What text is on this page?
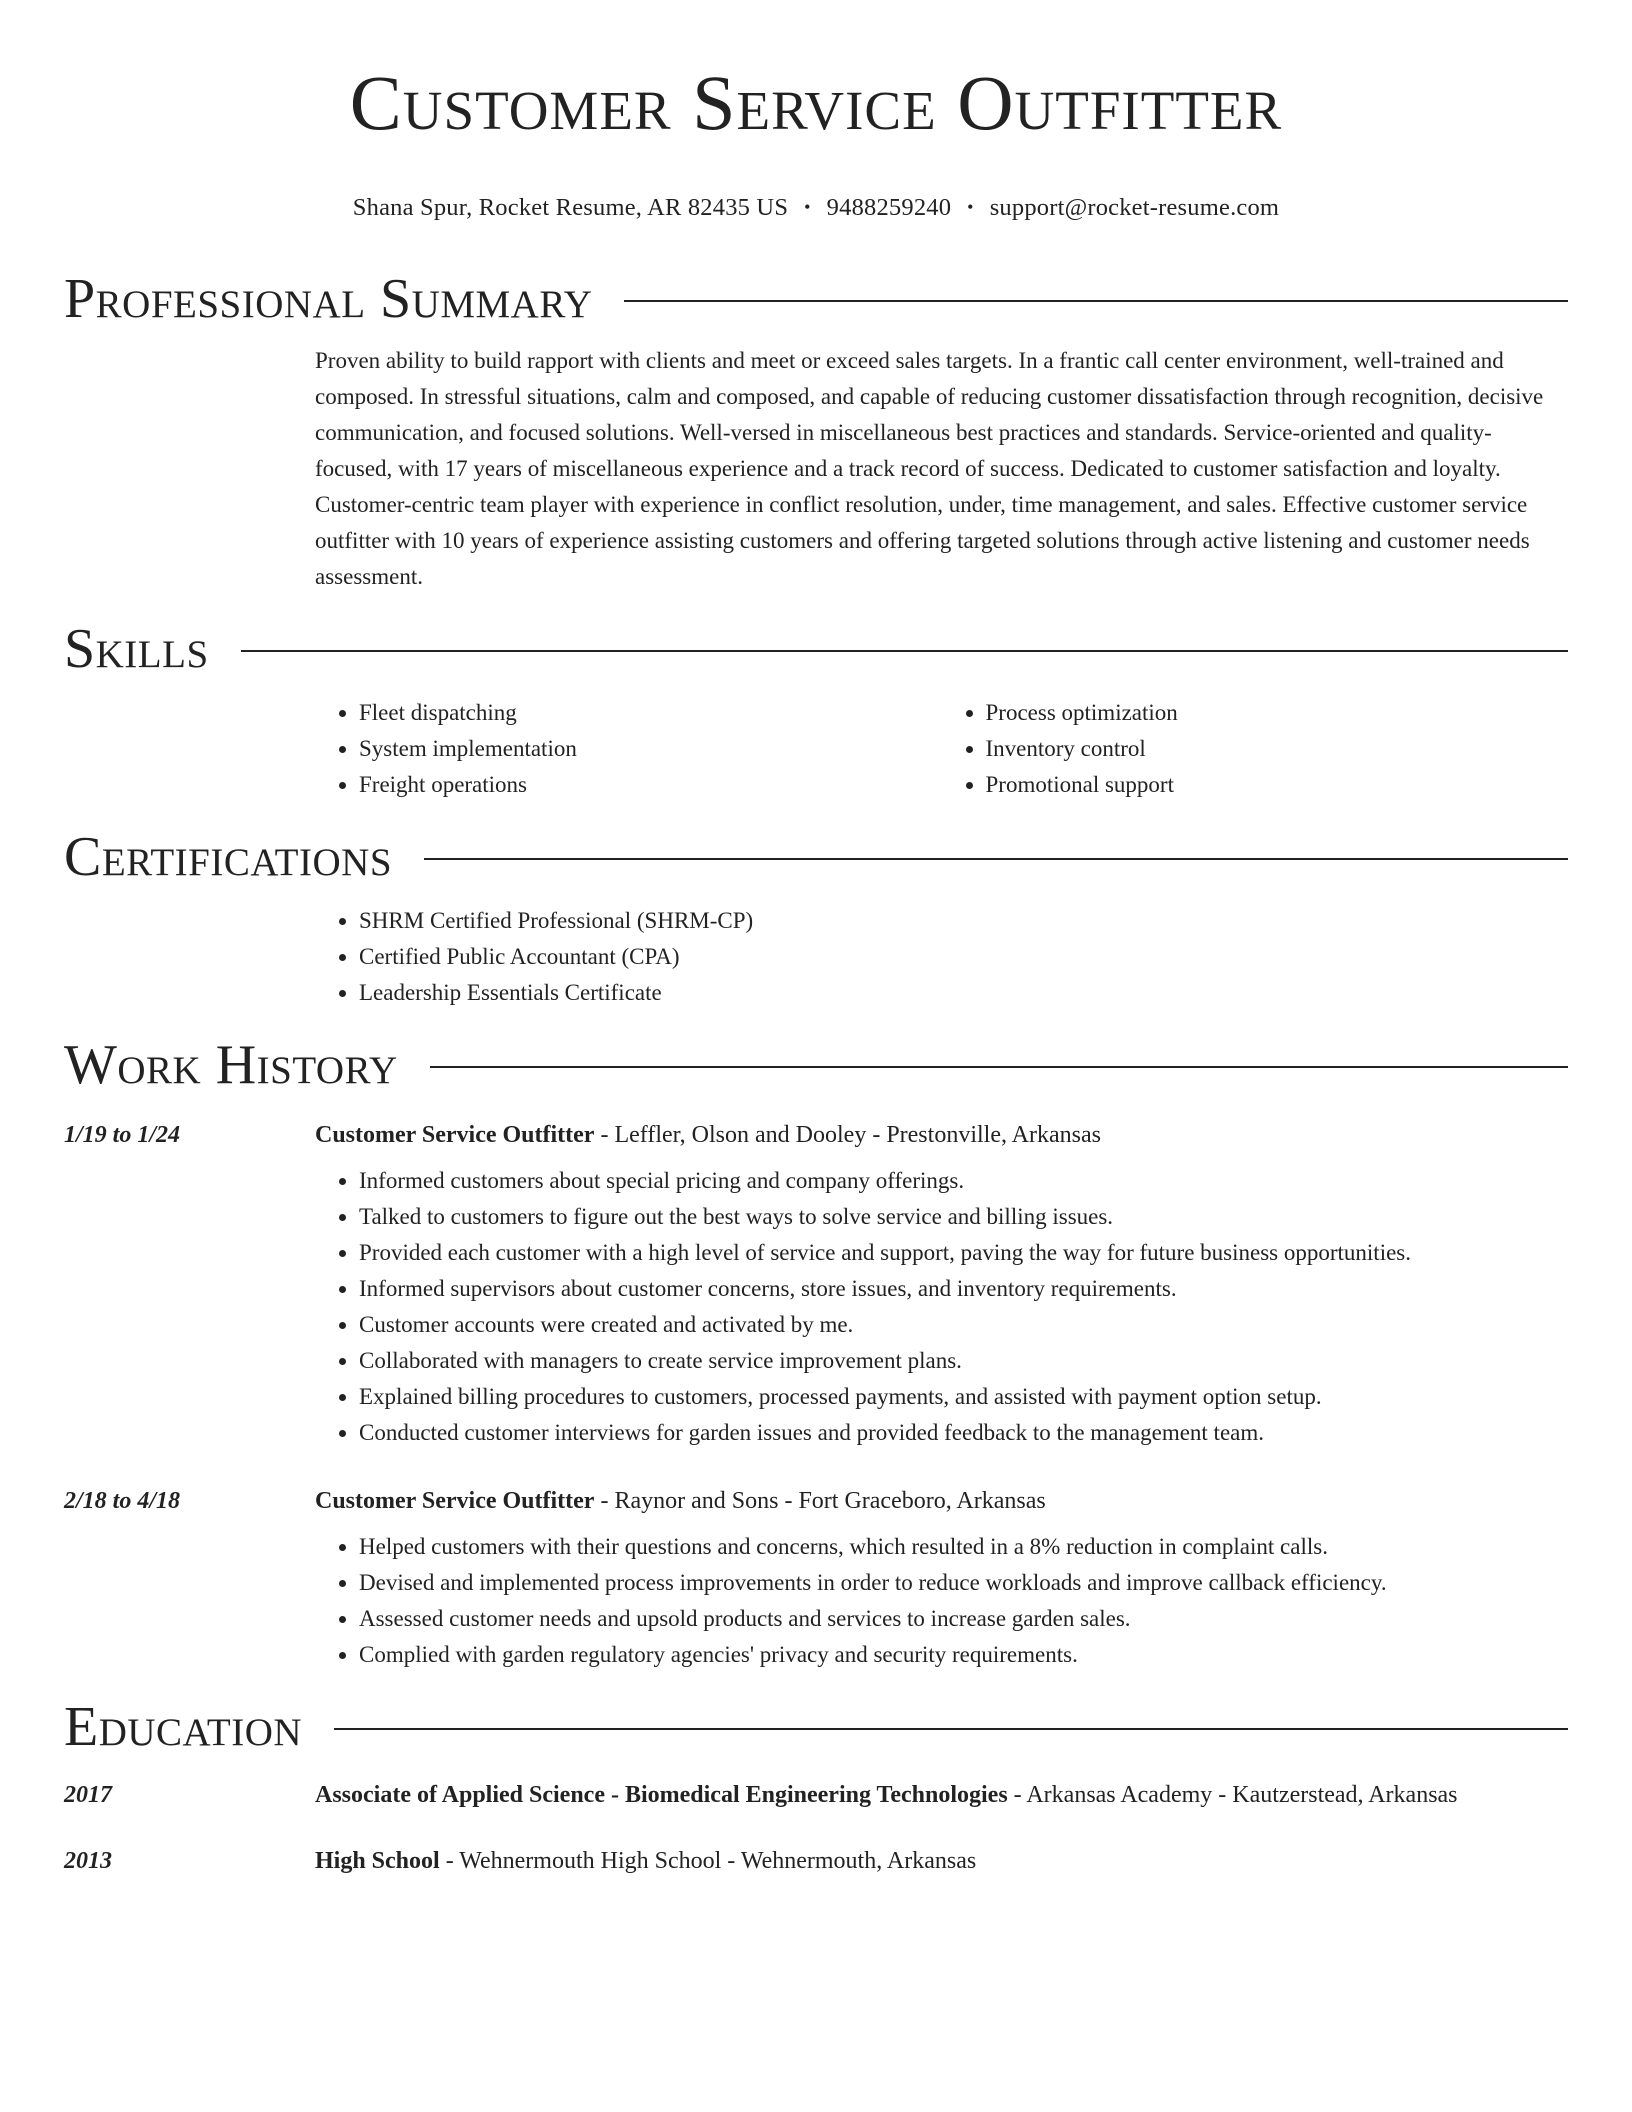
Customer Service Outfitter
Shana Spur, Rocket Resume, AR 82435 US • 9488259240 • support@rocket-resume.com
Professional Summary

Proven ability to build rapport with clients and meet or exceed sales targets. In a frantic call center environment, well-trained and composed. In stressful situations, calm and composed, and capable of reducing customer dissatisfaction through recognition, decisive communication, and focused solutions. Well-versed in miscellaneous best practices and standards. Service-oriented and quality-focused, with 17 years of miscellaneous experience and a track record of success. Dedicated to customer satisfaction and loyalty. Customer-centric team player with experience in conflict resolution, under, time management, and sales. Effective customer service outfitter with 10 years of experience assisting customers and offering targeted solutions through active listening and customer needs assessment.

Skills
• Fleet dispatching
• System implementation
• Freight operations
• Process optimization
• Inventory control
• Promotional support
Certifications
• SHRM Certified Professional (SHRM-CP)
• Certified Public Accountant (CPA)
• Leadership Essentials Certificate
Work History
1/19 to 1/24	Customer Service Outfitter - Leffler, Olson and Dooley - Prestonville, Arkansas
• Informed customers about special pricing and company offerings.
• Talked to customers to figure out the best ways to solve service and billing issues.
• Provided each customer with a high level of service and support, paving the way for future business opportunities.
• Informed supervisors about customer concerns, store issues, and inventory requirements.
• Customer accounts were created and activated by me.
• Collaborated with managers to create service improvement plans.
• Explained billing procedures to customers, processed payments, and assisted with payment option setup.
• Conducted customer interviews for garden issues and provided feedback to the management team.
2/18 to 4/18	Customer Service Outfitter - Raynor and Sons - Fort Graceboro, Arkansas
• Helped customers with their questions and concerns, which resulted in a 8% reduction in complaint calls.
• Devised and implemented process improvements in order to reduce workloads and improve callback efficiency.
• Assessed customer needs and upsold products and services to increase garden sales.
• Complied with garden regulatory agencies' privacy and security requirements.
Education
2017	Associate of Applied Science - Biomedical Engineering Technologies - Arkansas Academy - Kautzerstead, Arkansas
2013	High School - Wehnermouth High School - Wehnermouth, Arkansas
